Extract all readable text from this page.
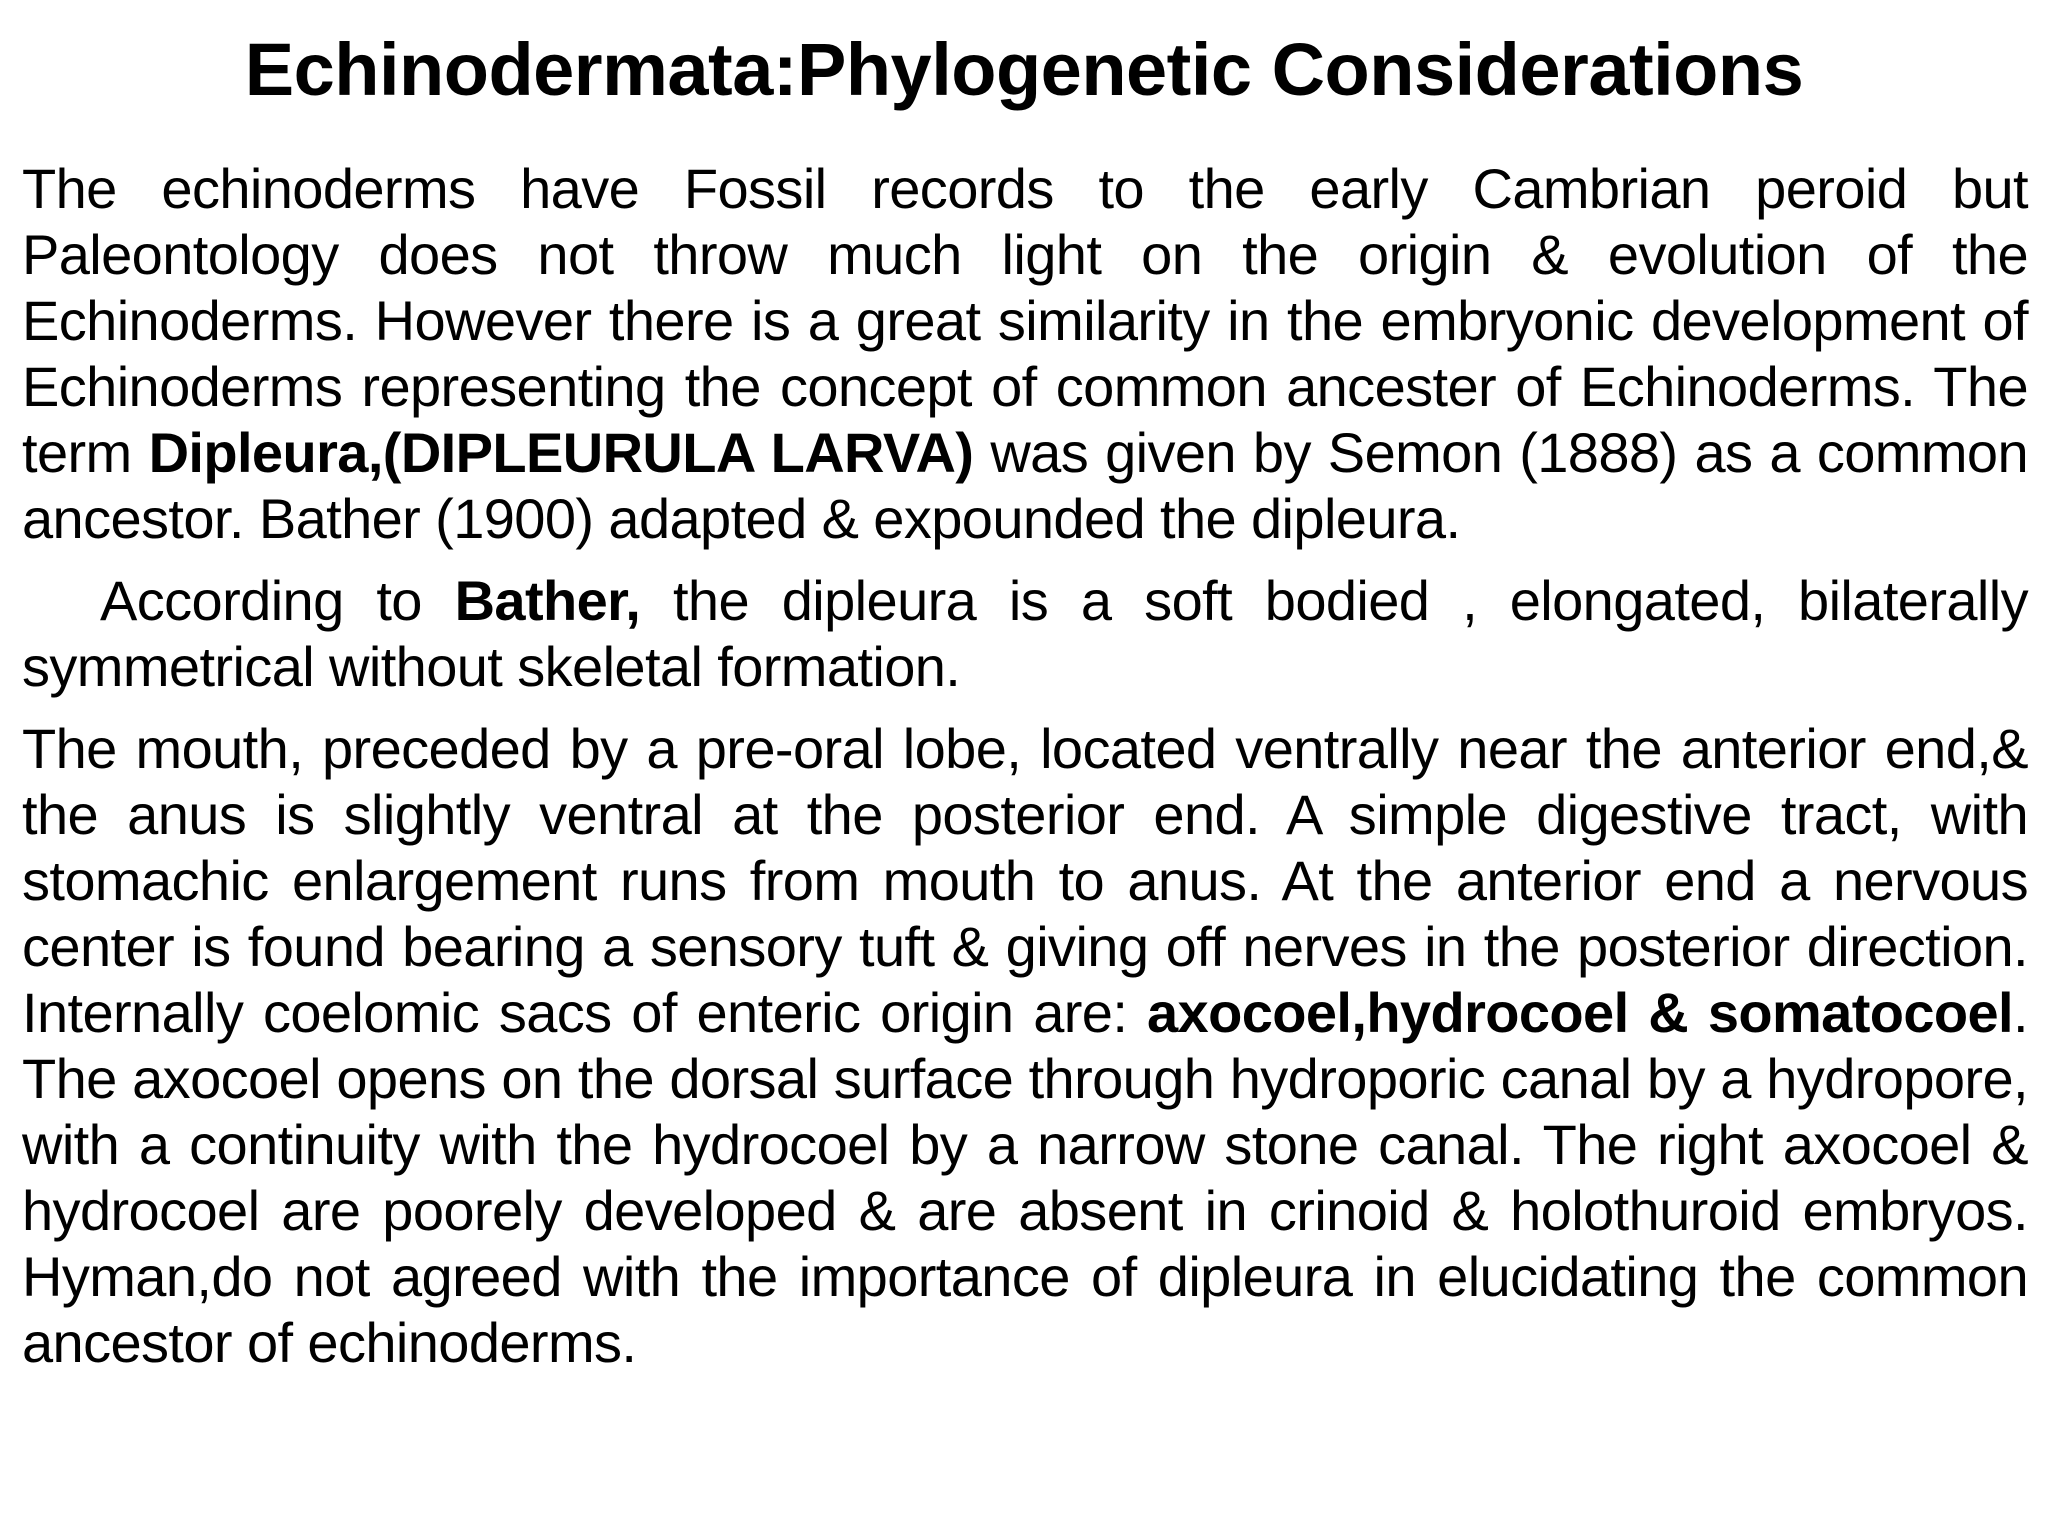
Echinodermata:Phylogenetic Considerations

The echinoderms have Fossil records to the early Cambrian peroid but Paleontology does not throw much light on the origin & evolution of the Echinoderms. However there is a great similarity in the embryonic development of Echinoderms representing the concept of common ancester of Echinoderms. The term Dipleura,(DIPLEURULA LARVA) was given by Semon (1888) as a common ancestor. Bather (1900) adapted & expounded the dipleura.

According to Bather, the dipleura is a soft bodied , elongated, bilaterally symmetrical without skeletal formation.

The mouth, preceded by a pre-oral lobe, located ventrally near the anterior end,& the anus is slightly ventral at the posterior end. A simple digestive tract, with stomachic enlargement runs from mouth to anus. At the anterior end a nervous center is found bearing a sensory tuft & giving off nerves in the posterior direction. Internally coelomic sacs of enteric origin are: axocoel,hydrocoel & somatocoel. The axocoel opens on the dorsal surface through hydroporic canal by a hydropore, with a continuity with the hydrocoel by a narrow stone canal. The right axocoel & hydrocoel are poorely developed & are absent in crinoid & holothuroid embryos. Hyman,do not agreed with the importance of dipleura in elucidating the common ancestor of echinoderms.
